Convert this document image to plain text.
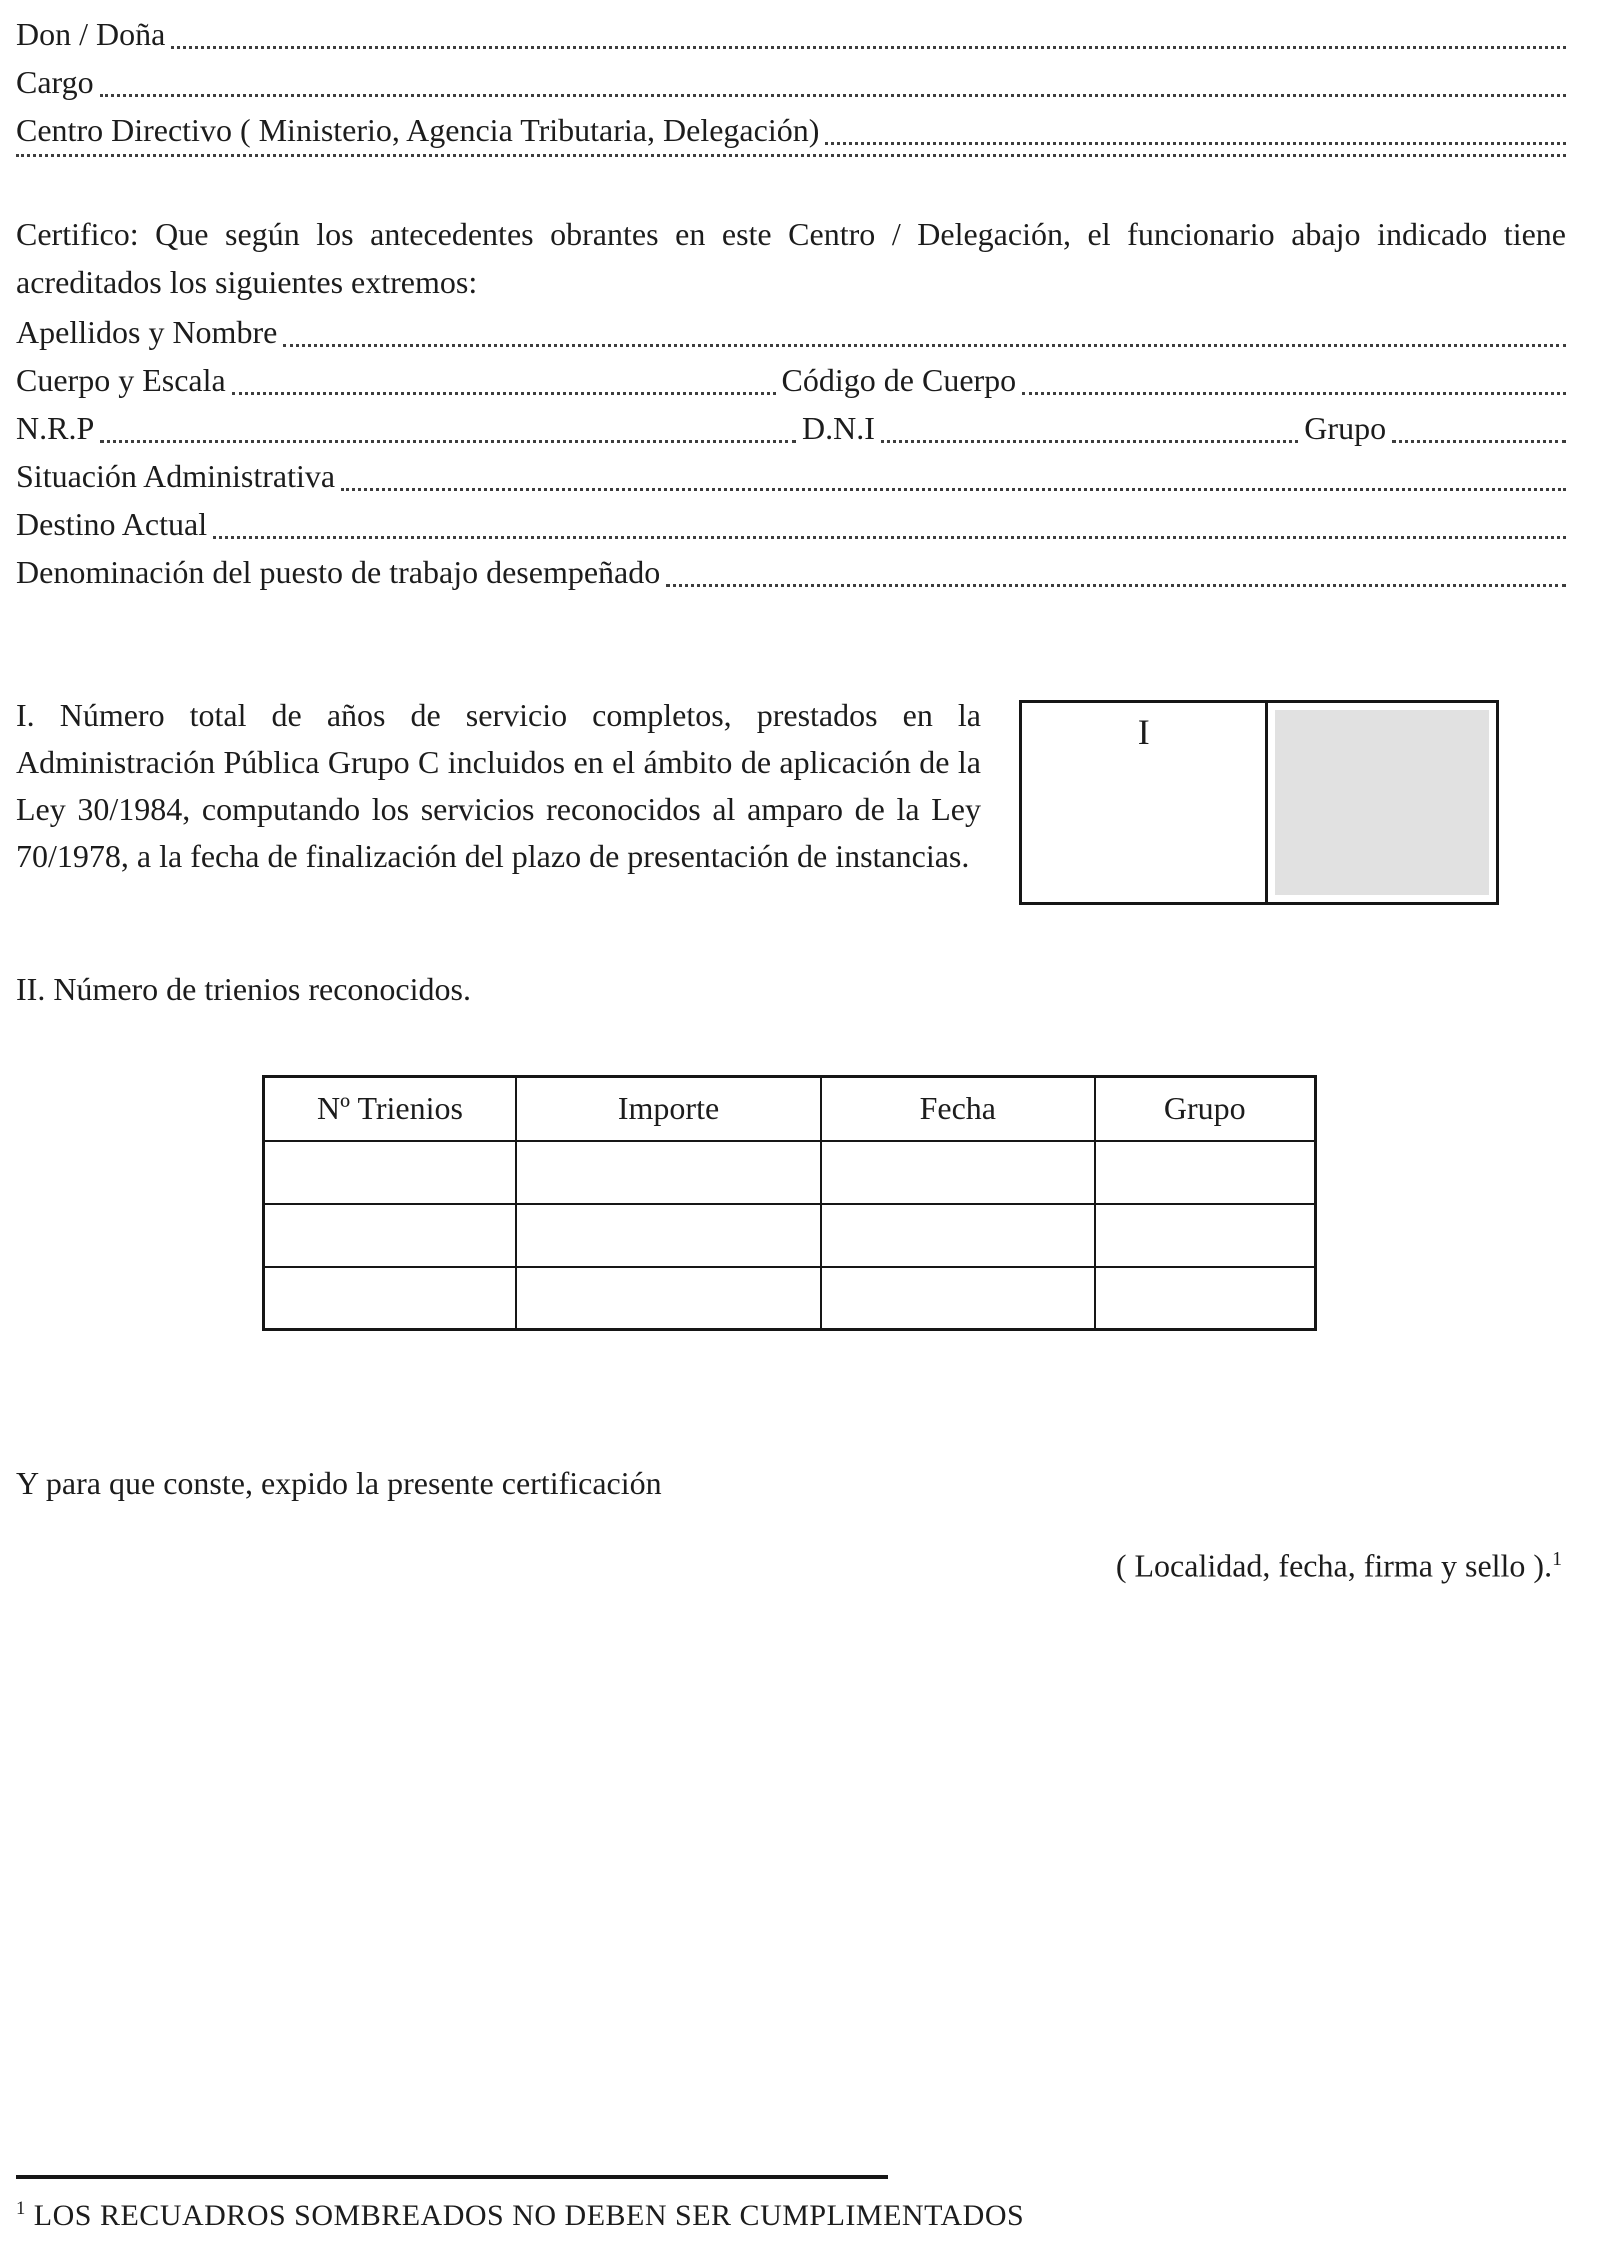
Don / Doña
Cargo
Centro Directivo ( Ministerio, Agencia Tributaria, Delegación)

Certifico: Que según los antecedentes obrantes en este Centro / Delegación, el funcionario abajo indicado tiene acreditados los siguientes extremos:

Apellidos y Nombre
Cuerpo y Escala	Código de Cuerpo
N.R.P	D.N.I	Grupo
Situación Administrativa
Destino Actual
Denominación del puesto de trabajo desempeñado

I. Número total de años de servicio completos, prestados en la Administración Pública Grupo C incluidos en el ámbito de aplicación de la Ley 30/1984, computando los servicios reconocidos al amparo de la Ley 70/1978, a la fecha de finalización del plazo de presentación de instancias.

I

II. Número de trienios reconocidos.

Nº Trienios	Importe	Fecha	Grupo

Y para que conste, expido la presente certificación

( Localidad, fecha, firma y sello ).$^1$

$^1$ LOS RECUADROS SOMBREADOS NO DEBEN SER CUMPLIMENTADOS
